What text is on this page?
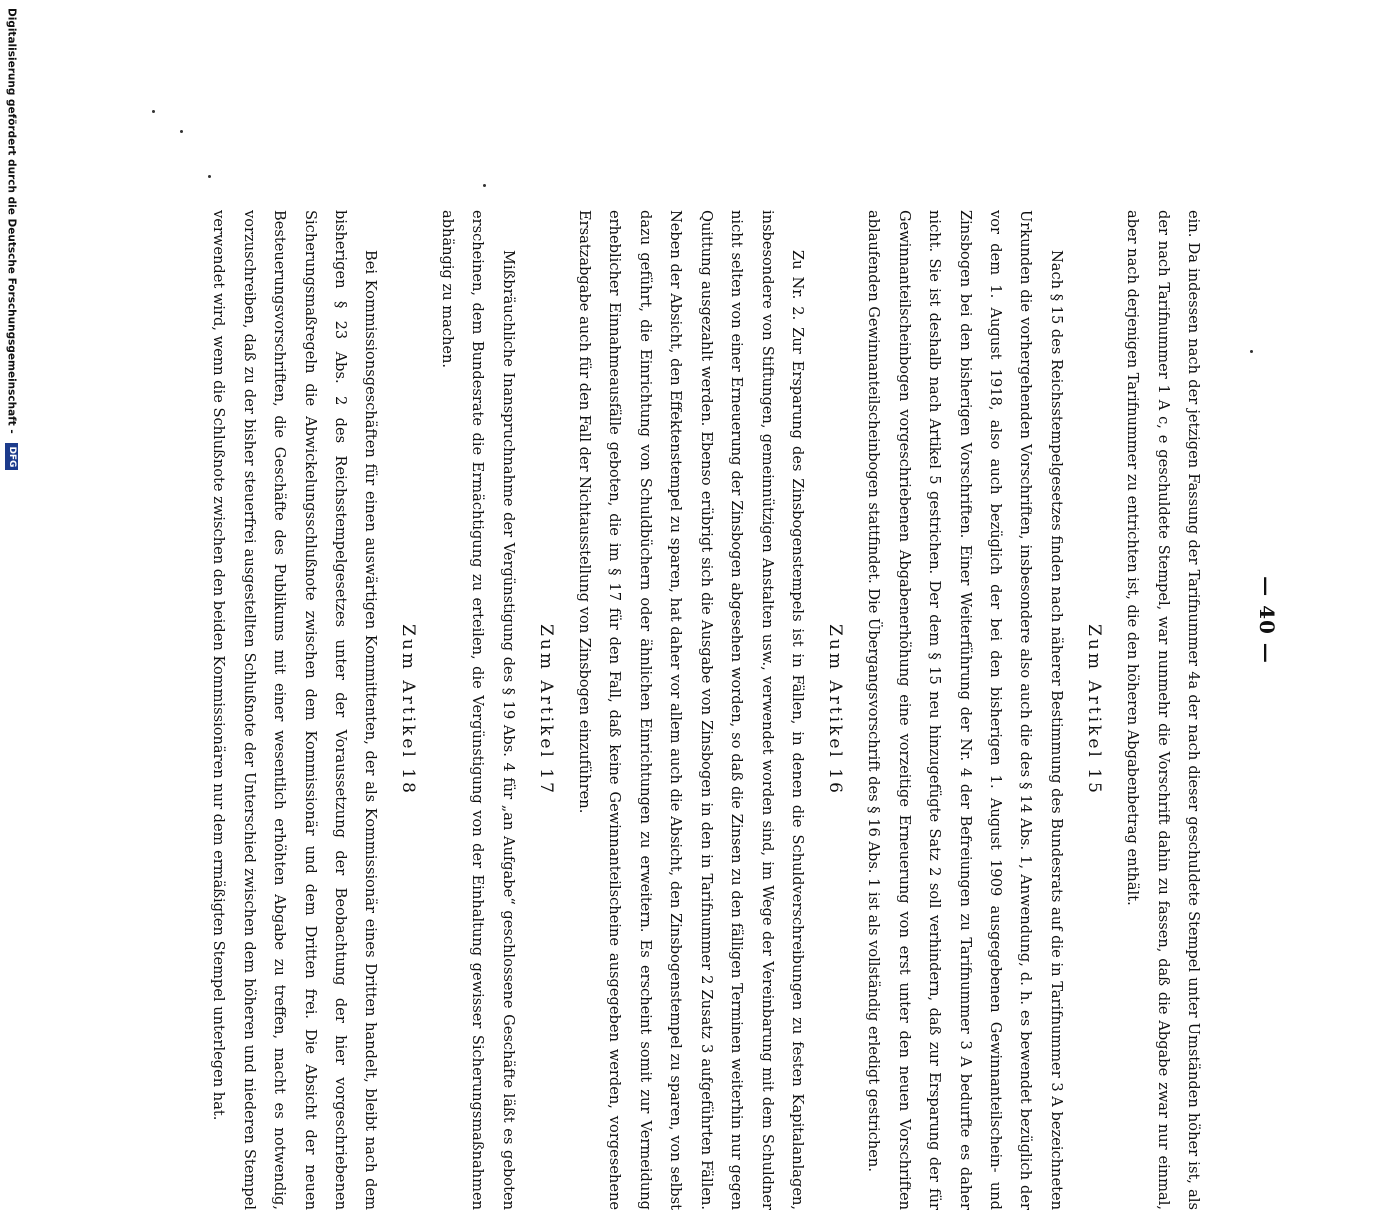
— 40 —

ein. Da indessen nach der jetzigen Fassung der Tarifnummer 4a der nach dieser geschuldete Stempel unter Umständen höher ist, als der nach Tarifnummer 1 A c, e geschuldete Stempel, war nunmehr die Vorschrift dahin zu fassen, daß die Abgabe zwar nur einmal, aber nach derjenigen Tarifnummer zu entrichten ist, die den höheren Abgabenbetrag enthält.

Zum Artikel 15

Nach § 15 des Reichsstempelgesetzes finden nach näherer Bestimmung des Bundesrats auf die in Tarifnummer 3 A bezeichneten Urkunden die vorhergehenden Vorschriften, insbesondere also auch die des § 14 Abs. 1, Anwendung, d. h. es bewendet bezüglich der vor dem 1. August 1918, also auch bezüglich der bei den bisherigen 1. August 1909 ausgegebenen Gewinnanteilschein- und Zinsbogen bei den bisherigen Vorschriften. Einer Weiterführung der Nr. 4 der Befreiungen zu Tarifnummer 3 A bedurfte es daher nicht. Sie ist deshalb nach Artikel 5 gestrichen. Der dem § 15 neu hinzugefügte Satz 2 soll verhindern, daß zur Ersparung der für Gewinnanteilscheinbogen vorgeschriebenen Abgabenerhöhung eine vorzeitige Erneuerung von erst unter den neuen Vorschriften ablaufenden Gewinnanteilscheinbogen stattfindet. Die Übergangsvorschrift des § 16 Abs. 1 ist als vollständig erledigt gestrichen.

Zum Artikel 16

Zu Nr. 2. Zur Ersparung des Zinsbogenstempels ist in Fällen, in denen die Schuldverschreibungen zu festen Kapitalanlagen, insbesondere von Stiftungen, gemeinnützigen Anstalten usw., verwendet worden sind, im Wege der Vereinbarung mit dem Schuldner nicht selten von einer Erneuerung der Zinsbogen abgesehen worden, so daß die Zinsen zu den fälligen Terminen weiterhin nur gegen Quittung ausgezahlt werden. Ebenso erübrigt sich die Ausgabe von Zinsbogen in den in Tarifnummer 2 Zusatz 3 aufgeführten Fällen. Neben der Absicht, den Effektenstempel zu sparen, hat daher vor allem auch die Absicht, den Zinsbogenstempel zu sparen, von selbst dazu geführt, die Einrichtung von Schuldbüchern oder ähnlichen Einrichtungen zu erweitern. Es erscheint somit zur Vermeidung erheblicher Einnahmeausfälle geboten, die im § 17 für den Fall, daß keine Gewinnanteilscheine ausgegeben werden, vorgesehene Ersatzabgabe auch für den Fall der Nichtausstellung von Zinsbogen einzuführen.

Zum Artikel 17

Mißbräuchliche Inanspruchnahme der Vergünstigung des § 19 Abs. 4 für „an Aufgabe“ geschlossene Geschäfte läßt es geboten erscheinen, dem Bundesrate die Ermächtigung zu erteilen, die Vergünstigung von der Einhaltung gewisser Sicherungsmaßnahmen abhängig zu machen.

Zum Artikel 18

Bei Kommissionsgeschäften für einen auswärtigen Kommittenten, der als Kommissionär eines Dritten handelt, bleibt nach dem bisherigen § 23 Abs. 2 des Reichsstempelgesetzes unter der Voraussetzung der Beobachtung der hier vorgeschriebenen Sicherungsmaßregeln die Abwickelungsschlußnote zwischen dem Kommissionär und dem Dritten frei. Die Absicht der neuen Besteuerungsvorschriften, die Geschäfte des Publikums mit einer wesentlich erhöhten Abgabe zu treffen, macht es notwendig, vorzuschreiben, daß zu der bisher steuerfrei ausgestellten Schlußnote der Unterschied zwischen dem höheren und niederen Stempel verwendet wird, wenn die Schlußnote zwischen den beiden Kommissionären nur dem ermäßigten Stempel unterlegen hat.

Digitalisierung gefördert durch die Deutsche Forschungsgemeinschaft - DFG
